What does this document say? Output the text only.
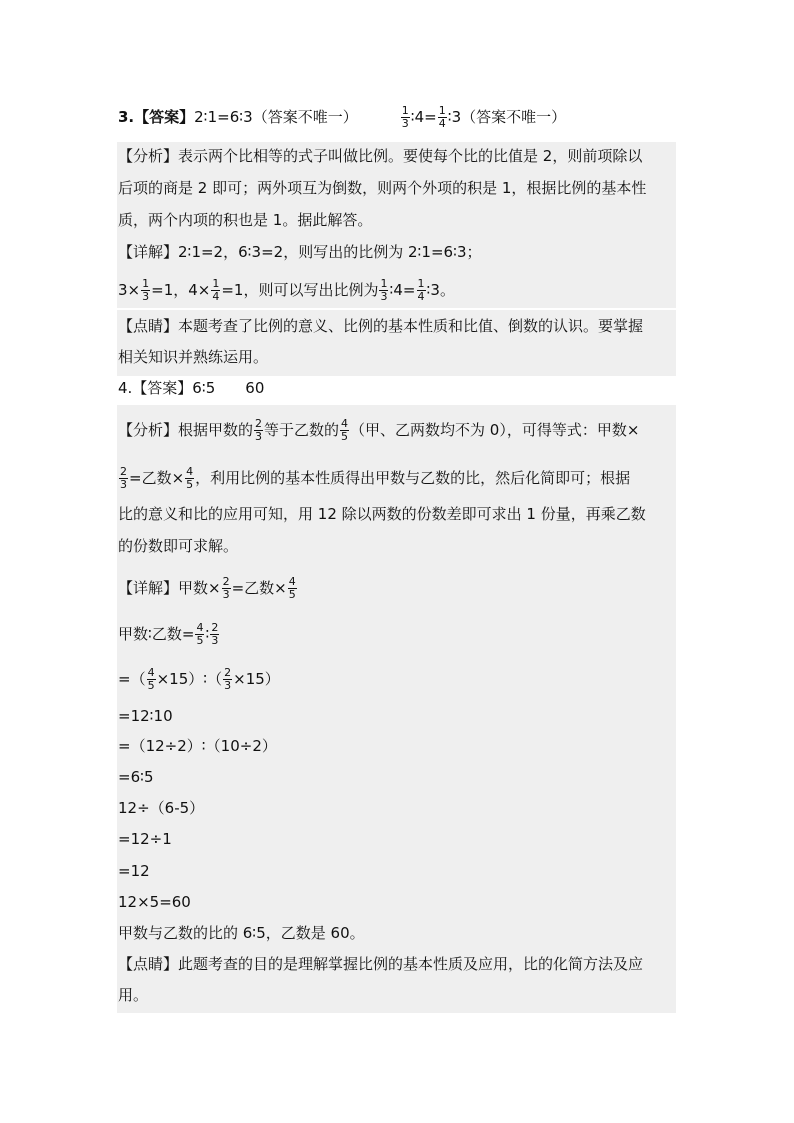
3.【答案】2∶1=6∶3（答案不唯一）	$\frac{1}{3}$ ∶4= $\frac{1}{4}$ ∶3（答案不唯一）
【分析】表示两个比相等的式子叫做比例。要使每个比的比值是 2，则前项除以
后项的商是 2 即可；两外项互为倒数，则两个外项的积是 1，根据比例的基本性
质，两个内项的积也是 1。据此解答。
【详解】2∶1=2，6∶3=2，则写出的比例为 2∶1=6∶3；
$3\times \frac{1}{3} =1$，$4\times \frac{1}{4} =1$，则可以写出比例为 $\frac{1}{3}$ ∶4= $\frac{1}{4}$ ∶3。
【点睛】本题考查了比例的意义、比例的基本性质和比值、倒数的认识。要掌握
相关知识并熟练运用。
4.【答案】6∶5　　60
【分析】根据甲数的 $\frac{2}{3}$ 等于乙数的 $\frac{4}{5}$ （甲、乙两数均不为 0），可得等式：甲数×
$\frac{2}{3}$ =乙数× $\frac{4}{5}$ ，利用比例的基本性质得出甲数与乙数的比，然后化简即可；根据
比的意义和比的应用可知，用 12 除以两数的份数差即可求出 1 份量，再乘乙数
的份数即可求解。
【详解】甲数× $\frac{2}{3}$ =乙数× $\frac{4}{5}$
甲数∶乙数= $\frac{4}{5}$ ∶ $\frac{2}{3}$
=（ $\frac{4}{5}$ ×15）∶（ $\frac{2}{3} \times 15$）
=12∶10
=（12÷2）∶（10÷2）
=6∶5
12÷（6-5）
=12÷1
=12
12×5=60
甲数与乙数的比的 6∶5，乙数是 60。
【点睛】此题考查的目的是理解掌握比例的基本性质及应用，比的化简方法及应
用。
